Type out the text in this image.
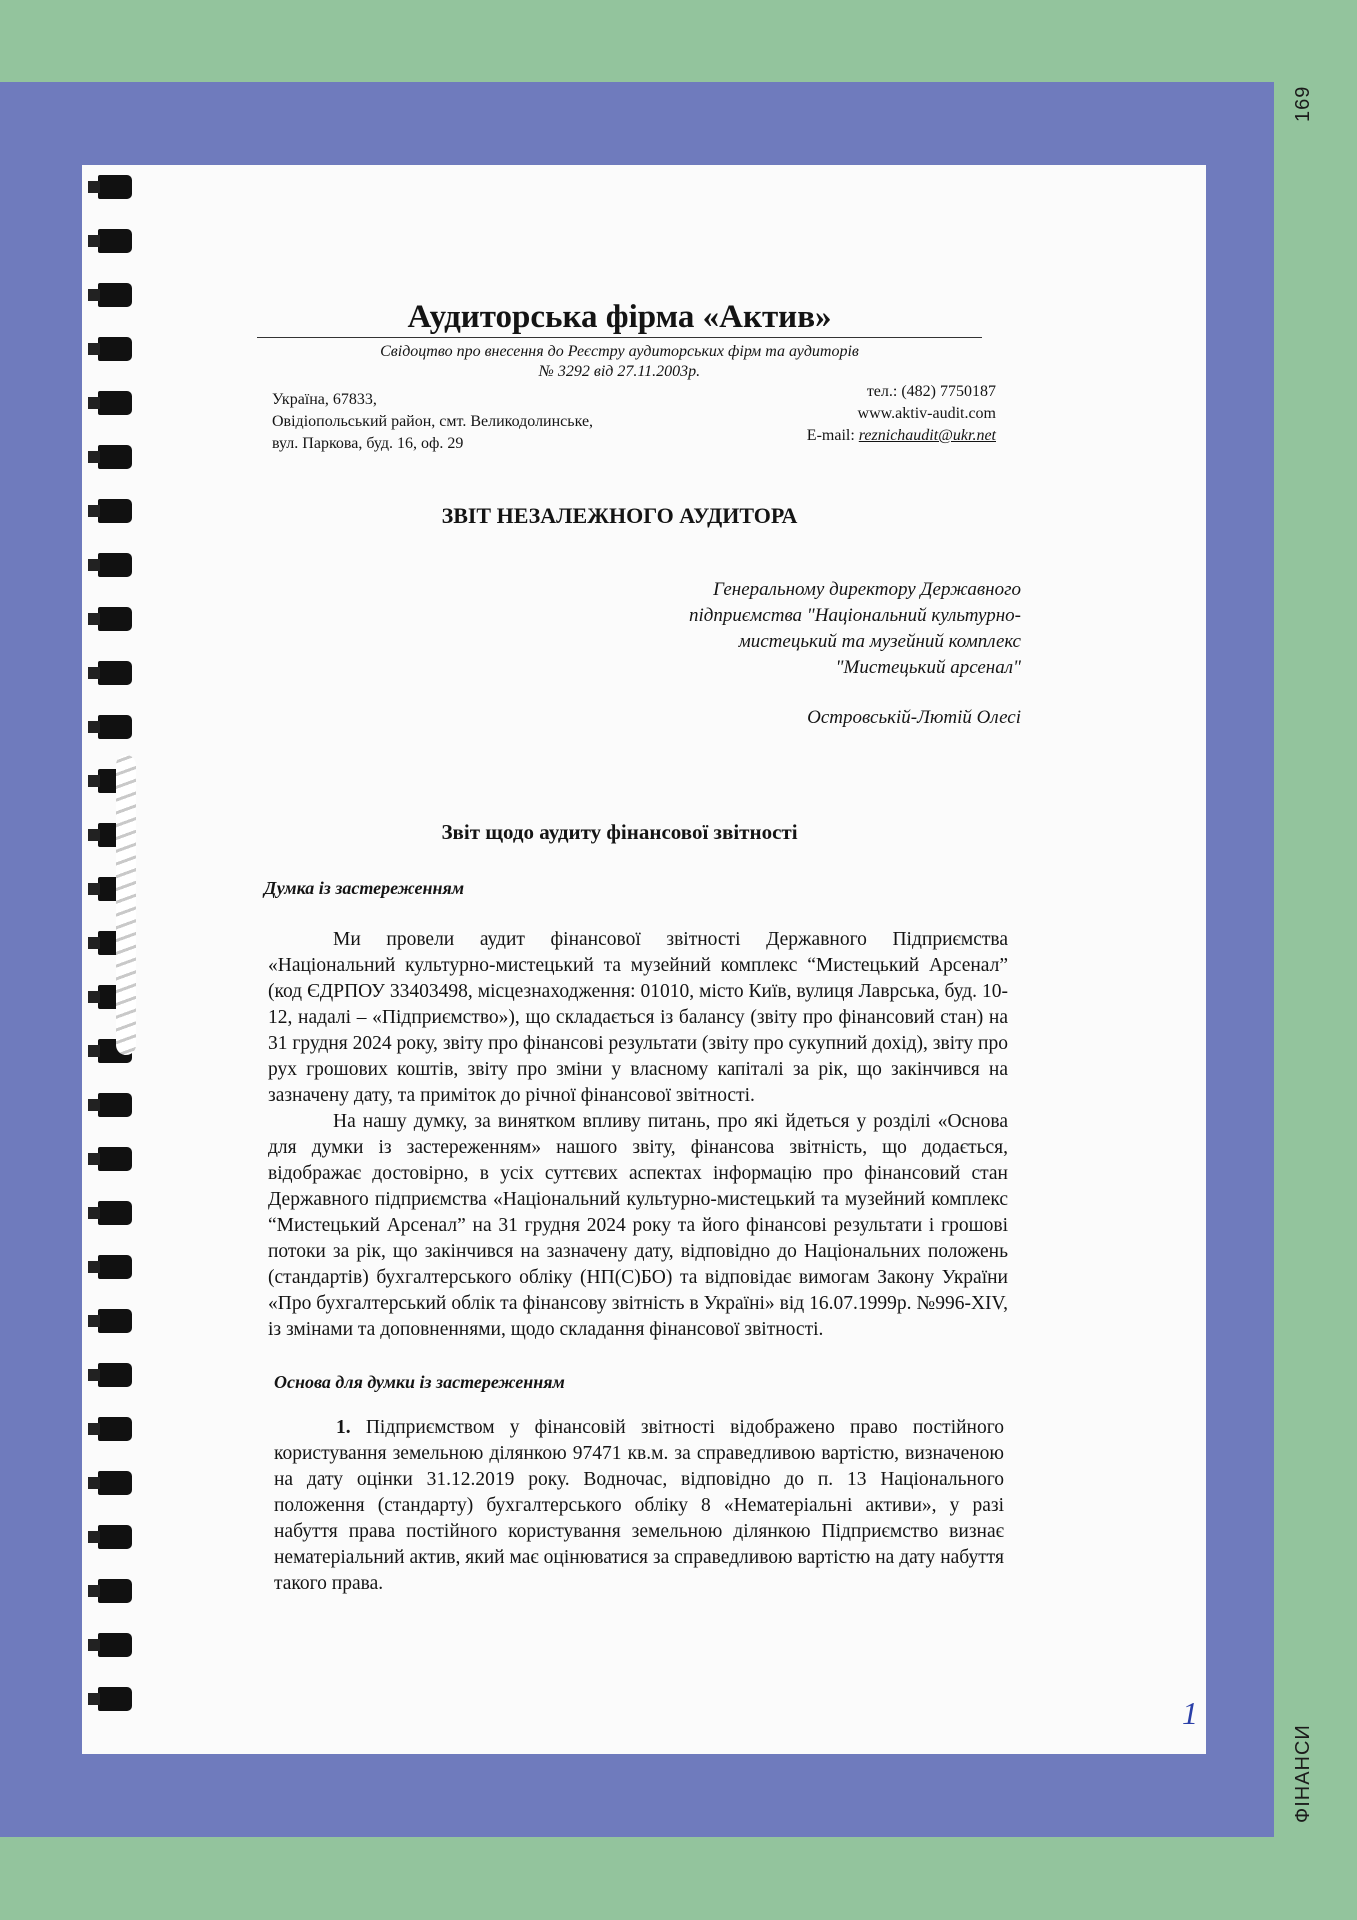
169
ФІНАНСИ
Аудиторська фірма «Актив»
Свідоцтво про внесення до Реєстру аудиторських фірм та аудиторів
№ 3292 від 27.11.2003р.
Україна, 67833,
Овідіопольський район, смт. Великодолинське,
вул. Паркова, буд. 16, оф. 29
тел.: (482) 7750187
www.aktiv-audit.com
E-mail: reznichaudit@ukr.net
ЗВІТ НЕЗАЛЕЖНОГО АУДИТОРА
Генеральному директору Державного
підприємства "Національний культурно-
мистецький та музейний комплекс
"Мистецький арсенал"
Островській-Лютій Олесі
Звіт щодо аудиту фінансової звітності
Думка із застереженням

Ми провели аудит фінансової звітності Державного Підприємства «Національний культурно-мистецький та музейний комплекс “Мистецький Арсенал” (код ЄДРПОУ 33403498, місцезнаходження: 01010, місто Київ, вулиця Лаврська, буд. 10-12, надалі – «Підприємство»), що складається із балансу (звіту про фінансовий стан) на 31 грудня 2024 року, звіту про фінансові результати (звіту про сукупний дохід), звіту про рух грошових коштів, звіту про зміни у власному капіталі за рік, що закінчився на зазначену дату, та приміток до річної фінансової звітності.

На нашу думку, за винятком впливу питань, про які йдеться у розділі «Основа для думки із застереженням» нашого звіту, фінансова звітність, що додається, відображає достовірно, в усіх суттєвих аспектах інформацію про фінансовий стан Державного підприємства «Національний культурно-мистецький та музейний комплекс “Мистецький Арсенал” на 31 грудня 2024 року та його фінансові результати і грошові потоки за рік, що закінчився на зазначену дату, відповідно до Національних положень (стандартів) бухгалтерського обліку (НП(С)БО) та відповідає вимогам Закону України «Про бухгалтерський облік та фінансову звітність в Україні» від 16.07.1999р. №996-XIV, із змінами та доповненнями, щодо складання фінансової звітності.

Основа для думки із застереженням
1. Підприємством у фінансовій звітності відображено право постійного користування земельною ділянкою 97471 кв.м. за справедливою вартістю, визначеною на дату оцінки 31.12.2019 року. Водночас, відповідно до п. 13 Національного положення (стандарту) бухгалтерського обліку 8 «Нематеріальні активи», у разі набуття права постійного користування земельною ділянкою Підприємство визнає нематеріальний актив, який має оцінюватися за справедливою вартістю на дату набуття такого права.
1
